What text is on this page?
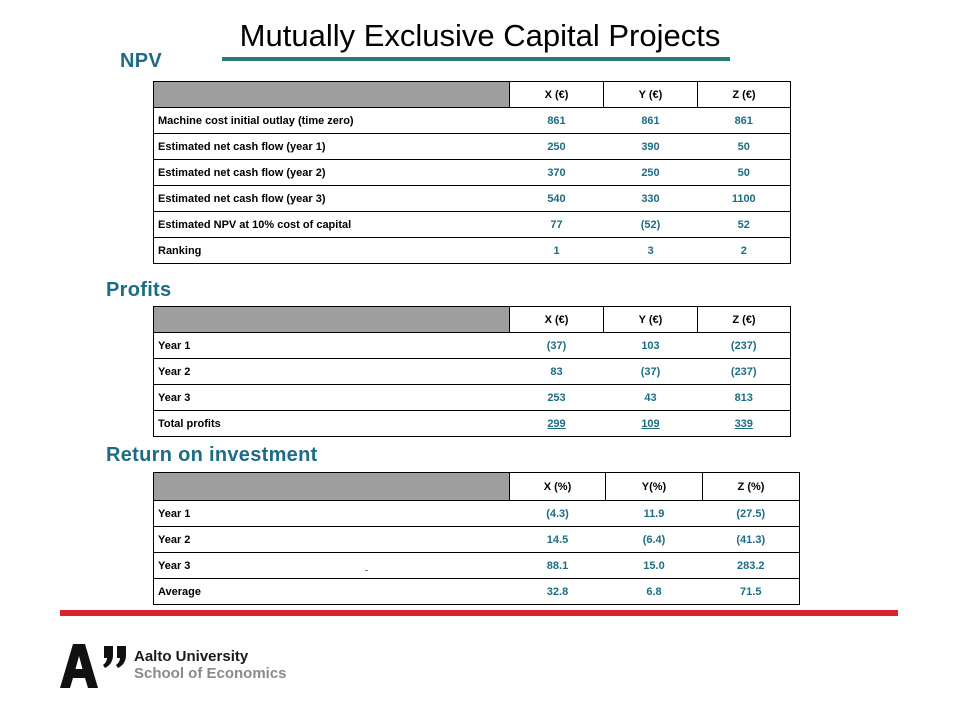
Mutually Exclusive Capital Projects
NPV
	X (€)	Y (€)	Z (€)
Machine cost initial outlay (time zero)	861	861	861
Estimated net cash flow (year 1)	250	390	50
Estimated net cash flow (year 2)	370	250	50
Estimated net cash flow (year 3)	540	330	1100
Estimated NPV at 10% cost of capital	77	(52)	52
Ranking	1	3	2
Profits
	X (€)	Y (€)	Z (€)
Year 1	(37)	103	(237)
Year 2	83	(37)	(237)
Year 3	253	43	813
Total profits	299	109	339
Return on investment
	X (%)	Y(%)	Z (%)
Year 1	(4.3)	11.9	(27.5)
Year 2	14.5	(6.4)	(41.3)
Year 3	88.1	15.0	283.2
Average	32.8	6.8	71.5
Aalto University
School of Economics
